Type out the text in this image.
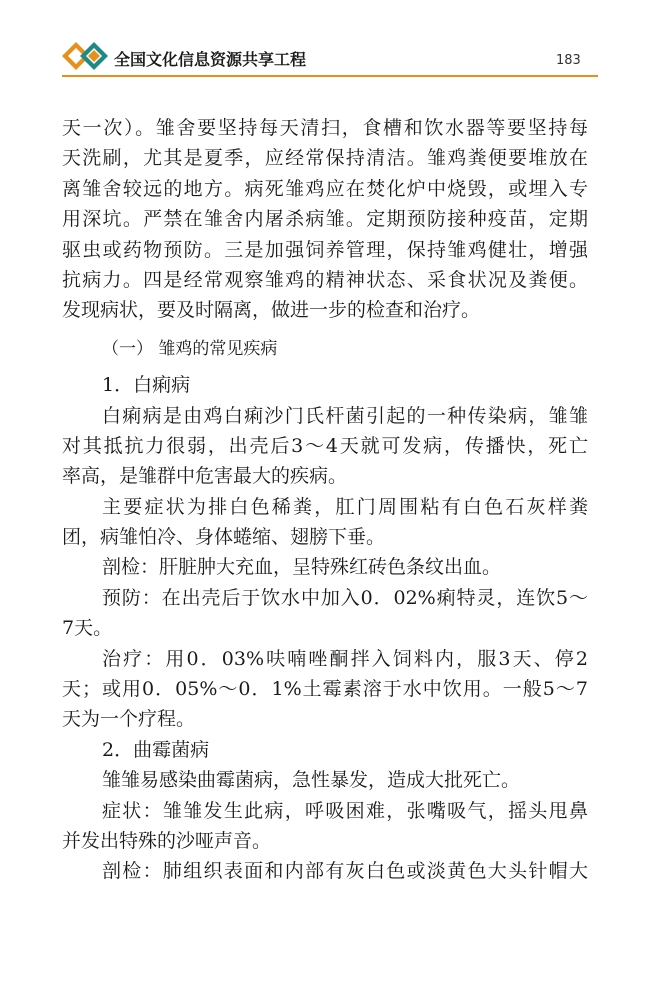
全国文化信息资源共享工程	183
天一次）。雏舍要坚持每天清扫，食槽和饮水器等要坚持每
天洗刷，尤其是夏季，应经常保持清洁。雏鸡粪便要堆放在
离雏舍较远的地方。病死雏鸡应在焚化炉中烧毁，或埋入专
用深坑。严禁在雏舍内屠杀病雏。定期预防接种疫苗，定期
驱虫或药物预防。三是加强饲养管理，保持雏鸡健壮，增强
抗病力。四是经常观察雏鸡的精神状态、采食状况及粪便。
发现病状，要及时隔离，做进一步的检查和治疗。
（一） 雏鸡的常见疾病
1．白痢病
白痢病是由鸡白痢沙门氏杆菌引起的一种传染病，雏雏
对其抵抗力很弱，出壳后3～4天就可发病，传播快，死亡
率高，是雏群中危害最大的疾病。
主要症状为排白色稀粪，肛门周围粘有白色石灰样粪
团，病雏怕冷、身体蜷缩、翅膀下垂。
剖检：肝脏肿大充血，呈特殊红砖色条纹出血。
预防：在出壳后于饮水中加入0．02%痢特灵，连饮5～
7天。
治疗：用0．03%呋喃唑酮拌入饲料内，服3天、停2
天；或用0．05%～0．1%土霉素溶于水中饮用。一般5～7
天为一个疗程。
2．曲霉菌病
雏雏易感染曲霉菌病，急性暴发，造成大批死亡。
症状：雏雏发生此病，呼吸困难，张嘴吸气，摇头甩鼻
并发出特殊的沙哑声音。
剖检：肺组织表面和内部有灰白色或淡黄色大头针帽大
